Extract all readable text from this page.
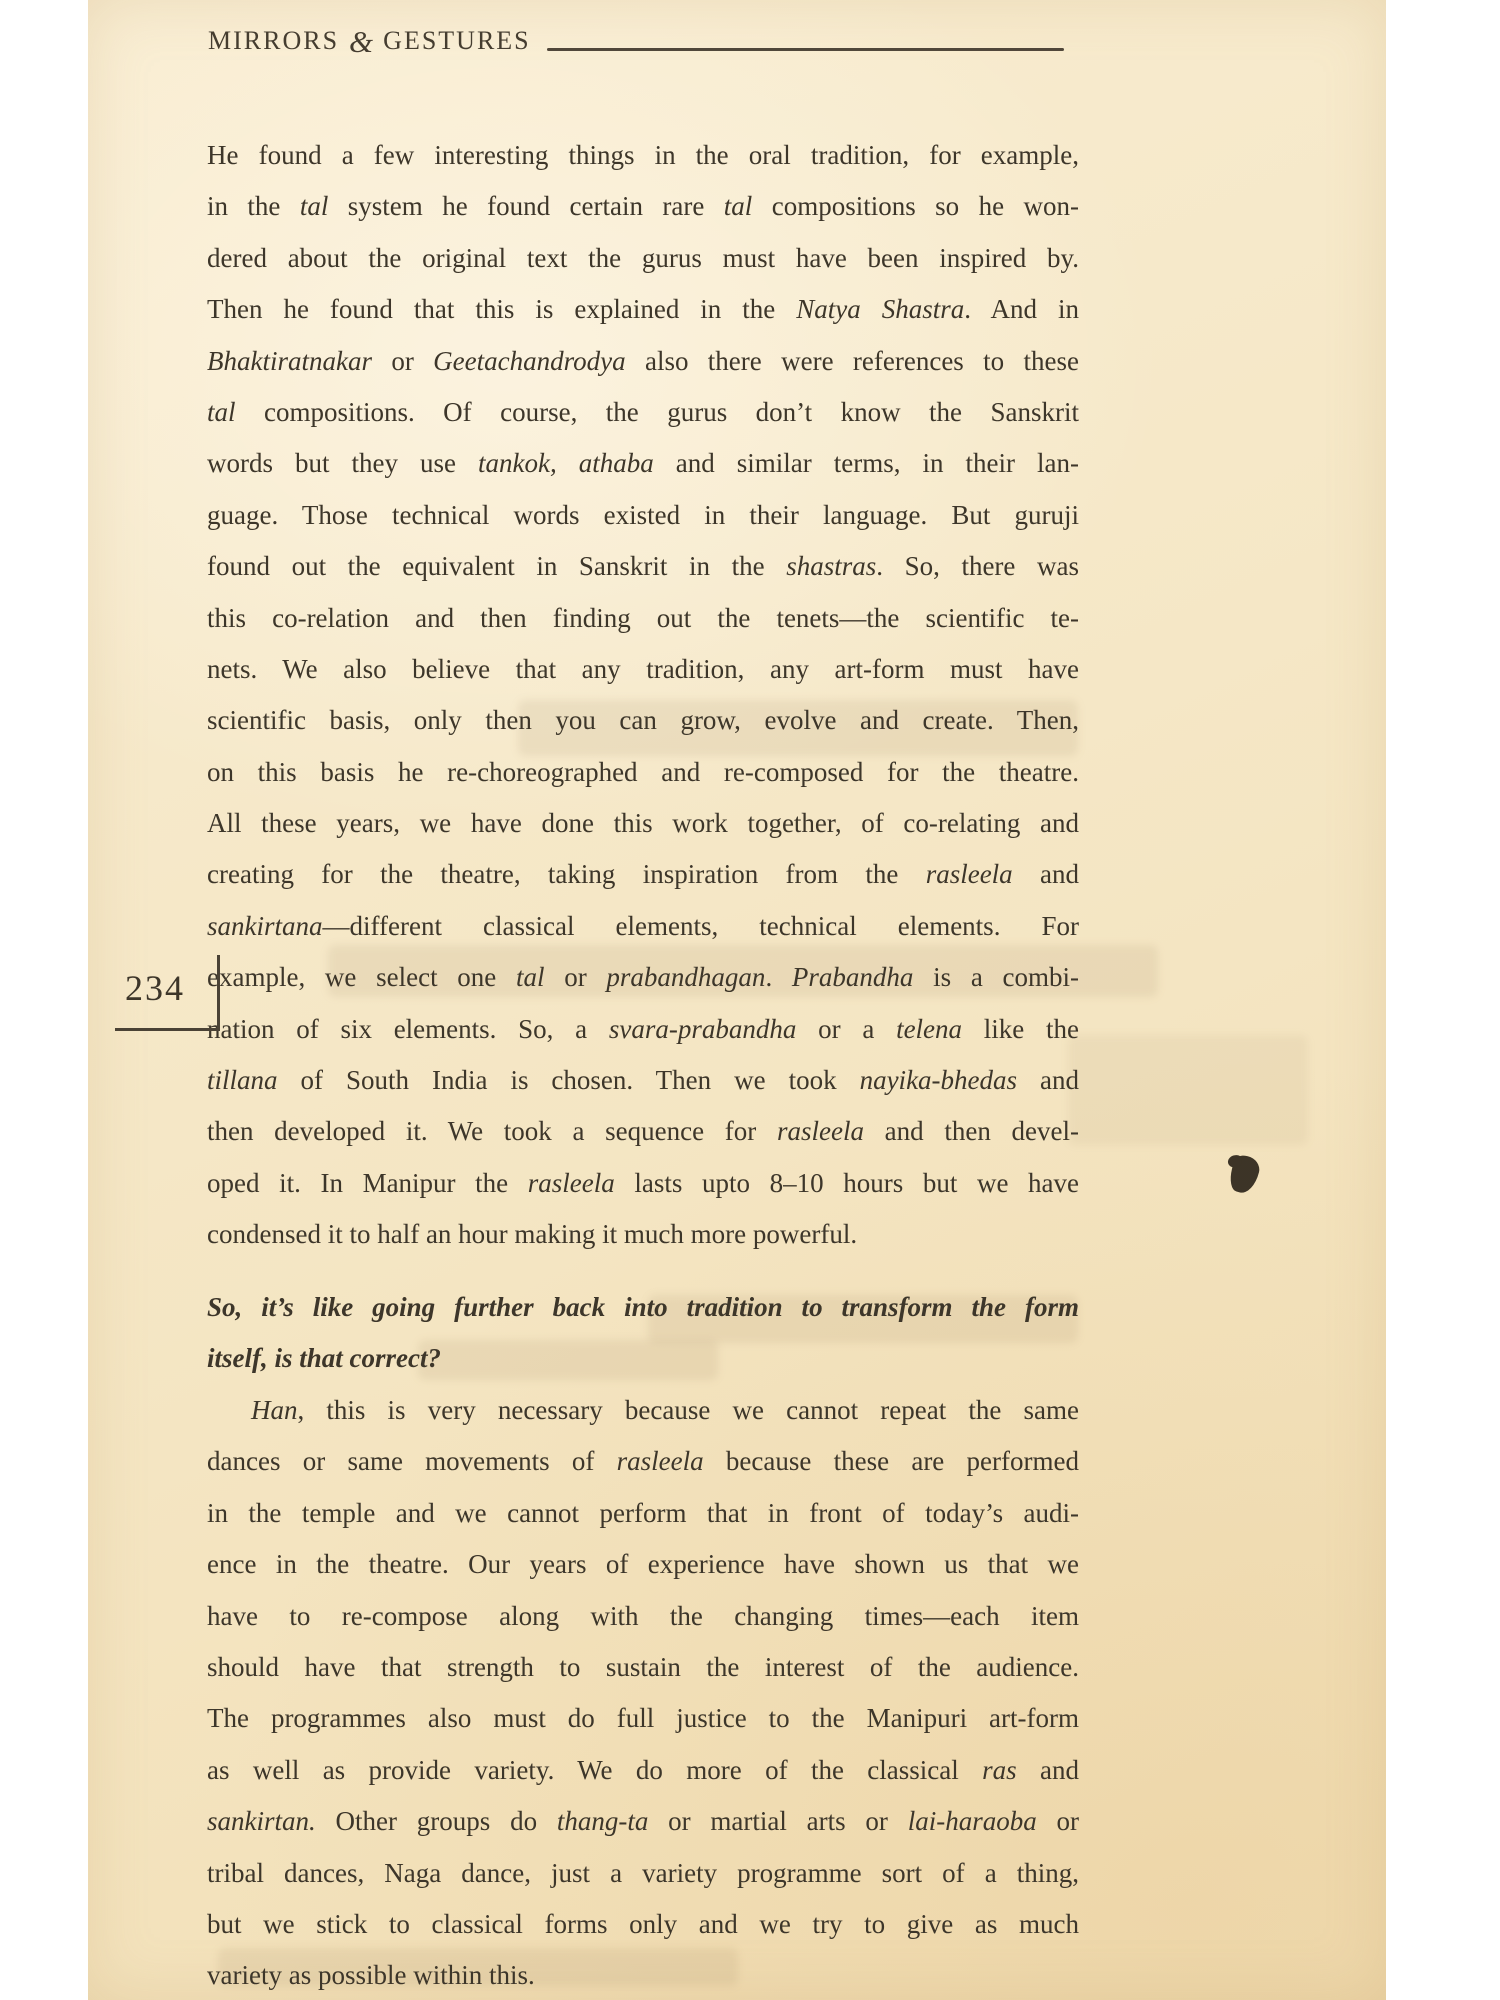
MIRRORS & GESTURES
He found a few interesting things in the oral tradition, for example,
in the tal system he found certain rare tal compositions so he won-
dered about the original text the gurus must have been inspired by.
Then he found that this is explained in the Natya Shastra. And in
Bhaktiratnakar or Geetachandrodya also there were references to these
tal compositions. Of course, the gurus don’t know the Sanskrit
words but they use tankok, athaba and similar terms, in their lan-
guage. Those technical words existed in their language. But guruji
found out the equivalent in Sanskrit in the shastras. So, there was
this co-relation and then finding out the tenets—the scientific te-
nets. We also believe that any tradition, any art-form must have
scientific basis, only then you can grow, evolve and create. Then,
on this basis he re-choreographed and re-composed for the theatre.
All these years, we have done this work together, of co-relating and
creating for the theatre, taking inspiration from the rasleela and
sankirtana—different classical elements, technical elements. For
example, we select one tal or prabandhagan. Prabandha is a combi-
nation of six elements. So, a svara-prabandha or a telena like the
tillana of South India is chosen. Then we took nayika-bhedas and
then developed it. We took a sequence for rasleela and then devel-
oped it. In Manipur the rasleela lasts upto 8–10 hours but we have
condensed it to half an hour making it much more powerful.
So, it’s like going further back into tradition to transform the form
itself, is that correct?
Han, this is very necessary because we cannot repeat the same
dances or same movements of rasleela because these are performed
in the temple and we cannot perform that in front of today’s audi-
ence in the theatre. Our years of experience have shown us that we
have to re-compose along with the changing times—each item
should have that strength to sustain the interest of the audience.
The programmes also must do full justice to the Manipuri art-form
as well as provide variety. We do more of the classical ras and
sankirtan. Other groups do thang-ta or martial arts or lai-haraoba or
tribal dances, Naga dance, just a variety programme sort of a thing,
but we stick to classical forms only and we try to give as much
variety as possible within this.
234
